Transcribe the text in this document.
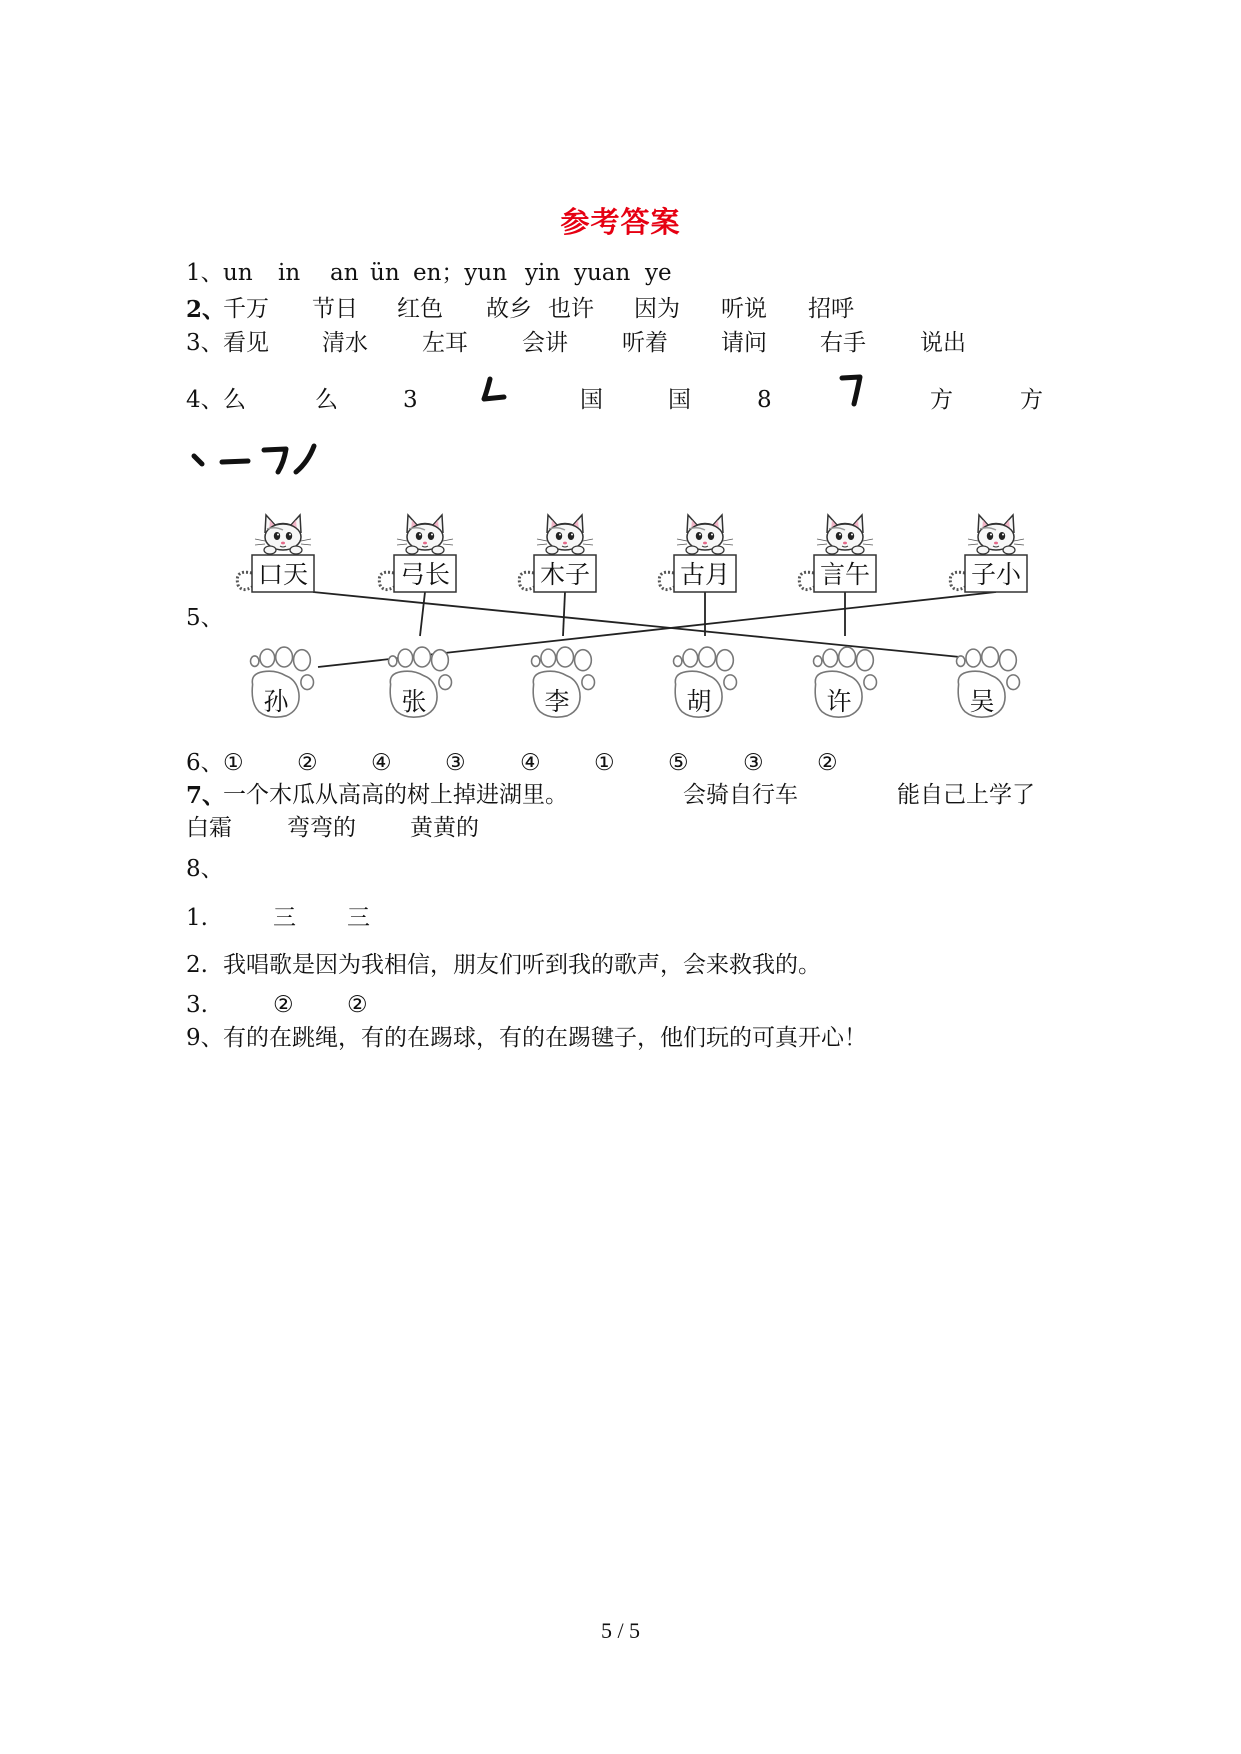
参考答案
1、 un in an ün en；yun yin yuan ye
2、
千万 节日 红色 故乡 也许 因为 听说 招呼
3、 看见 清水 左耳 会讲 听着 请问 右手 说出
4、 么	么	3	国	国	8	方	方
5、
口天	弓长	木子	古月	言午	子小
孙	张	李	胡	许	吴
6、 ① ② ④ ③ ④ ① ⑤ ③ ②
7、
一个木瓜从高高的树上掉进湖里。	会骑自行车	能自己上学了
白霜 弯弯的 黄黄的
8、
1.	三 三
2. 我唱歌是因为我相信，朋友们听到我的歌声，会来救我的。
3.	② ②
9、 有的在跳绳，有的在踢球，有的在踢毽子，他们玩的可真开心！
5 / 5
